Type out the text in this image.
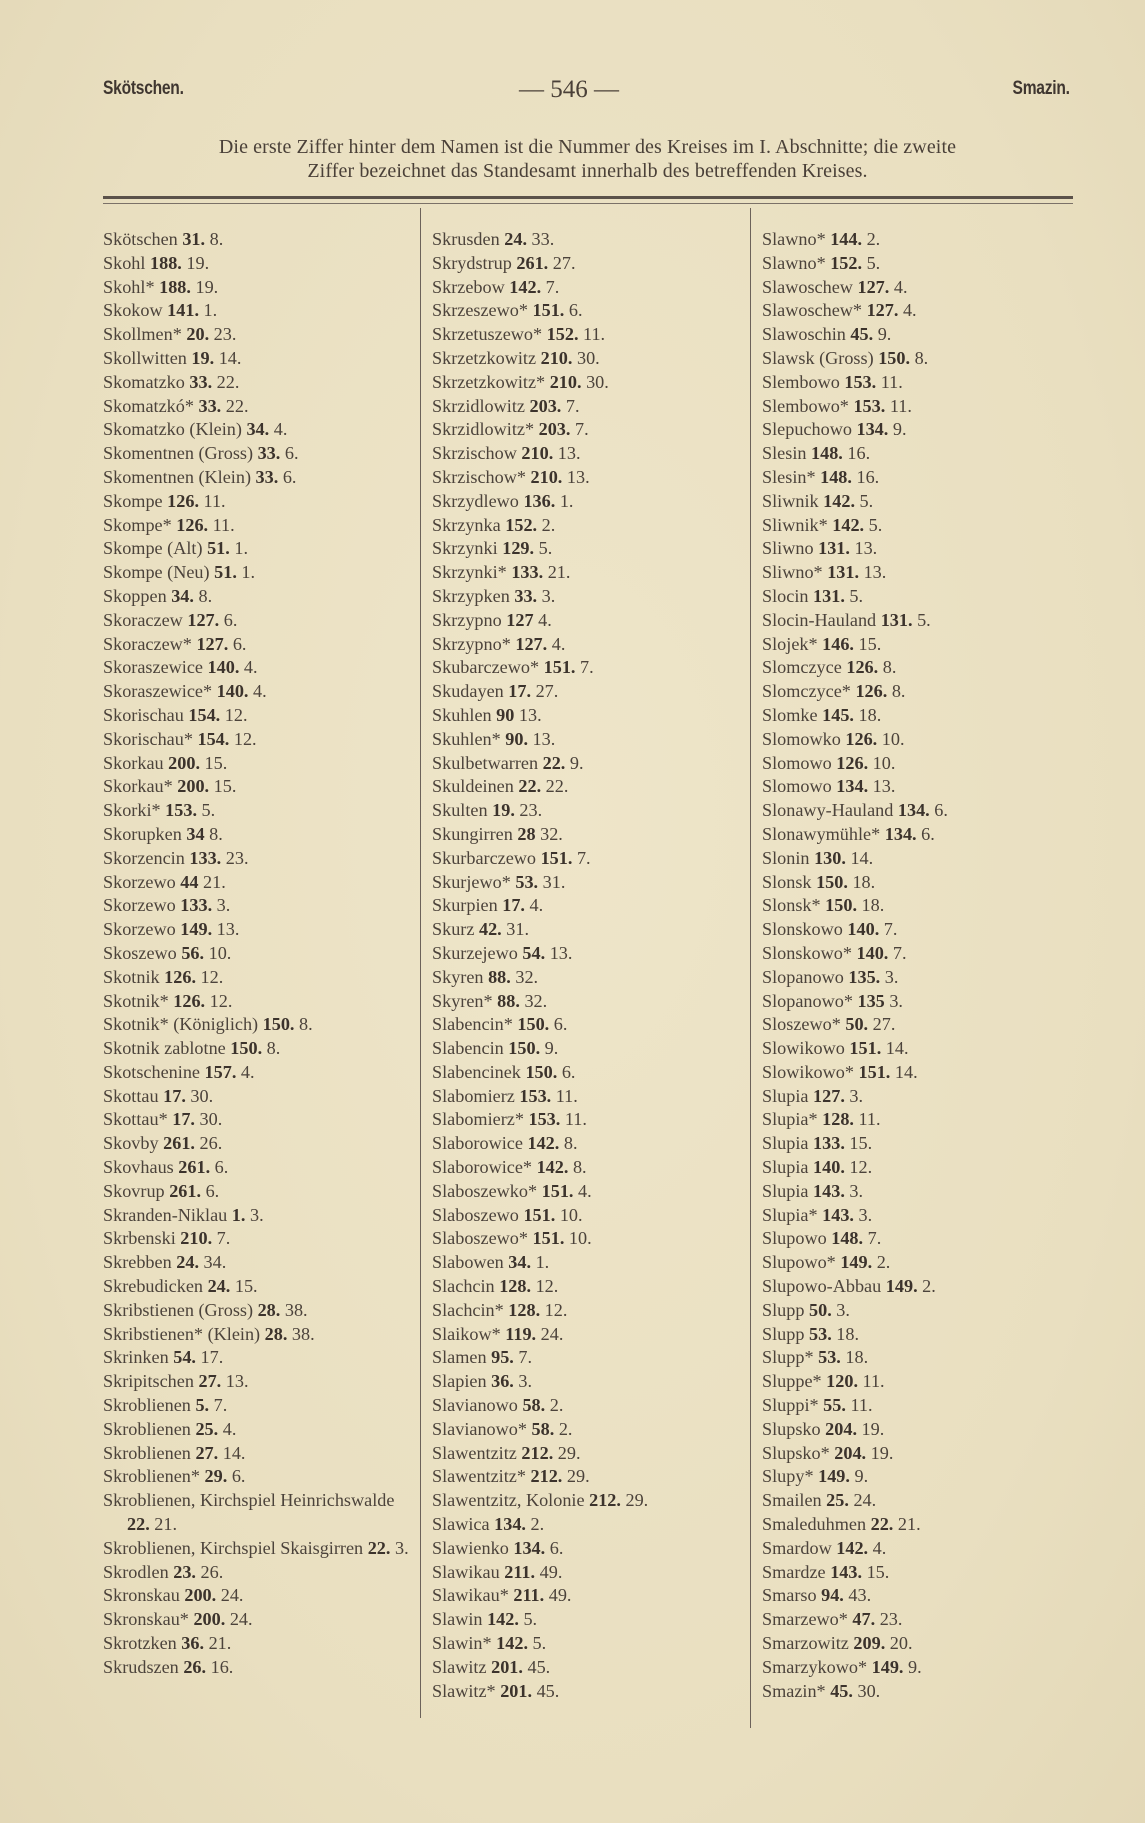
Skötschen.	— 546 —	Smazin.
Die erste Ziffer hinter dem Namen ist die Nummer des Kreises im I. Abschnitte; die zweite
Ziffer bezeichnet das Standesamt innerhalb des betreffenden Kreises.
Skötschen 31. 8.
Skohl 188. 19.
Skohl* 188. 19.
Skokow 141. 1.
Skollmen* 20. 23.
Skollwitten 19. 14.
Skomatzko 33. 22.
Skomatzkó* 33. 22.
Skomatzko (Klein) 34. 4.
Skomentnen (Gross) 33. 6.
Skomentnen (Klein) 33. 6.
Skompe 126. 11.
Skompe* 126. 11.
Skompe (Alt) 51. 1.
Skompe (Neu) 51. 1.
Skoppen 34. 8.
Skoraczew 127. 6.
Skoraczew* 127. 6.
Skoraszewice 140. 4.
Skoraszewice* 140. 4.
Skorischau 154. 12.
Skorischau* 154. 12.
Skorkau 200. 15.
Skorkau* 200. 15.
Skorki* 153. 5.
Skorupken 34 8.
Skorzencin 133. 23.
Skorzewo 44 21.
Skorzewo 133. 3.
Skorzewo 149. 13.
Skoszewo 56. 10.
Skotnik 126. 12.
Skotnik* 126. 12.
Skotnik* (Königlich) 150. 8.
Skotnik zablotne 150. 8.
Skotschenine 157. 4.
Skottau 17. 30.
Skottau* 17. 30.
Skovby 261. 26.
Skovhaus 261. 6.
Skovrup 261. 6.
Skranden-Niklau 1. 3.
Skrbenski 210. 7.
Skrebben 24. 34.
Skrebudicken 24. 15.
Skribstienen (Gross) 28. 38.
Skribstienen* (Klein) 28. 38.
Skrinken 54. 17.
Skripitschen 27. 13.
Skroblienen 5. 7.
Skroblienen 25. 4.
Skroblienen 27. 14.
Skroblienen* 29. 6.
Skroblienen, Kirchspiel Heinrichswalde 22. 21.
Skroblienen, Kirchspiel Skaisgirren 22. 3.
Skrodlen 23. 26.
Skronskau 200. 24.
Skronskau* 200. 24.
Skrotzken 36. 21.
Skrudszen 26. 16.
Skrusden 24. 33.
Skrydstrup 261. 27.
Skrzebow 142. 7.
Skrzeszewo* 151. 6.
Skrzetuszewo* 152. 11.
Skrzetzkowitz 210. 30.
Skrzetzkowitz* 210. 30.
Skrzidlowitz 203. 7.
Skrzidlowitz* 203. 7.
Skrzischow 210. 13.
Skrzischow* 210. 13.
Skrzydlewo 136. 1.
Skrzynka 152. 2.
Skrzynki 129. 5.
Skrzynki* 133. 21.
Skrzypken 33. 3.
Skrzypno 127 4.
Skrzypno* 127. 4.
Skubarczewo* 151. 7.
Skudayen 17. 27.
Skuhlen 90 13.
Skuhlen* 90. 13.
Skulbetwarren 22. 9.
Skuldeinen 22. 22.
Skulten 19. 23.
Skungirren 28 32.
Skurbarczewo 151. 7.
Skurjewo* 53. 31.
Skurpien 17. 4.
Skurz 42. 31.
Skurzejewo 54. 13.
Skyren 88. 32.
Skyren* 88. 32.
Slabencin* 150. 6.
Slabencin 150. 9.
Slabencinek 150. 6.
Slabomierz 153. 11.
Slabomierz* 153. 11.
Slaborowice 142. 8.
Slaborowice* 142. 8.
Slaboszewko* 151. 4.
Slaboszewo 151. 10.
Slaboszewo* 151. 10.
Slabowen 34. 1.
Slachcin 128. 12.
Slachcin* 128. 12.
Slaikow* 119. 24.
Slamen 95. 7.
Slapien 36. 3.
Slavianowo 58. 2.
Slavianowo* 58. 2.
Slawentzitz 212. 29.
Slawentzitz* 212. 29.
Slawentzitz, Kolonie 212. 29.
Slawica 134. 2.
Slawienko 134. 6.
Slawikau 211. 49.
Slawikau* 211. 49.
Slawin 142. 5.
Slawin* 142. 5.
Slawitz 201. 45.
Slawitz* 201. 45.
Slawno* 144. 2.
Slawno* 152. 5.
Slawoschew 127. 4.
Slawoschew* 127. 4.
Slawoschin 45. 9.
Slawsk (Gross) 150. 8.
Slembowo 153. 11.
Slembowo* 153. 11.
Slepuchowo 134. 9.
Slesin 148. 16.
Slesin* 148. 16.
Sliwnik 142. 5.
Sliwnik* 142. 5.
Sliwno 131. 13.
Sliwno* 131. 13.
Slocin 131. 5.
Slocin-Hauland 131. 5.
Slojek* 146. 15.
Slomczyce 126. 8.
Slomczyce* 126. 8.
Slomke 145. 18.
Slomowko 126. 10.
Slomowo 126. 10.
Slomowo 134. 13.
Slonawy-Hauland 134. 6.
Slonawymühle* 134. 6.
Slonin 130. 14.
Slonsk 150. 18.
Slonsk* 150. 18.
Slonskowo 140. 7.
Slonskowo* 140. 7.
Slopanowo 135. 3.
Slopanowo* 135 3.
Sloszewo* 50. 27.
Slowikowo 151. 14.
Slowikowo* 151. 14.
Slupia 127. 3.
Slupia* 128. 11.
Slupia 133. 15.
Slupia 140. 12.
Slupia 143. 3.
Slupia* 143. 3.
Slupowo 148. 7.
Slupowo* 149. 2.
Slupowo-Abbau 149. 2.
Slupp 50. 3.
Slupp 53. 18.
Slupp* 53. 18.
Sluppe* 120. 11.
Sluppi* 55. 11.
Slupsko 204. 19.
Slupsko* 204. 19.
Slupy* 149. 9.
Smailen 25. 24.
Smaleduhmen 22. 21.
Smardow 142. 4.
Smardze 143. 15.
Smarso 94. 43.
Smarzewo* 47. 23.
Smarzowitz 209. 20.
Smarzykowo* 149. 9.
Smazin* 45. 30.
